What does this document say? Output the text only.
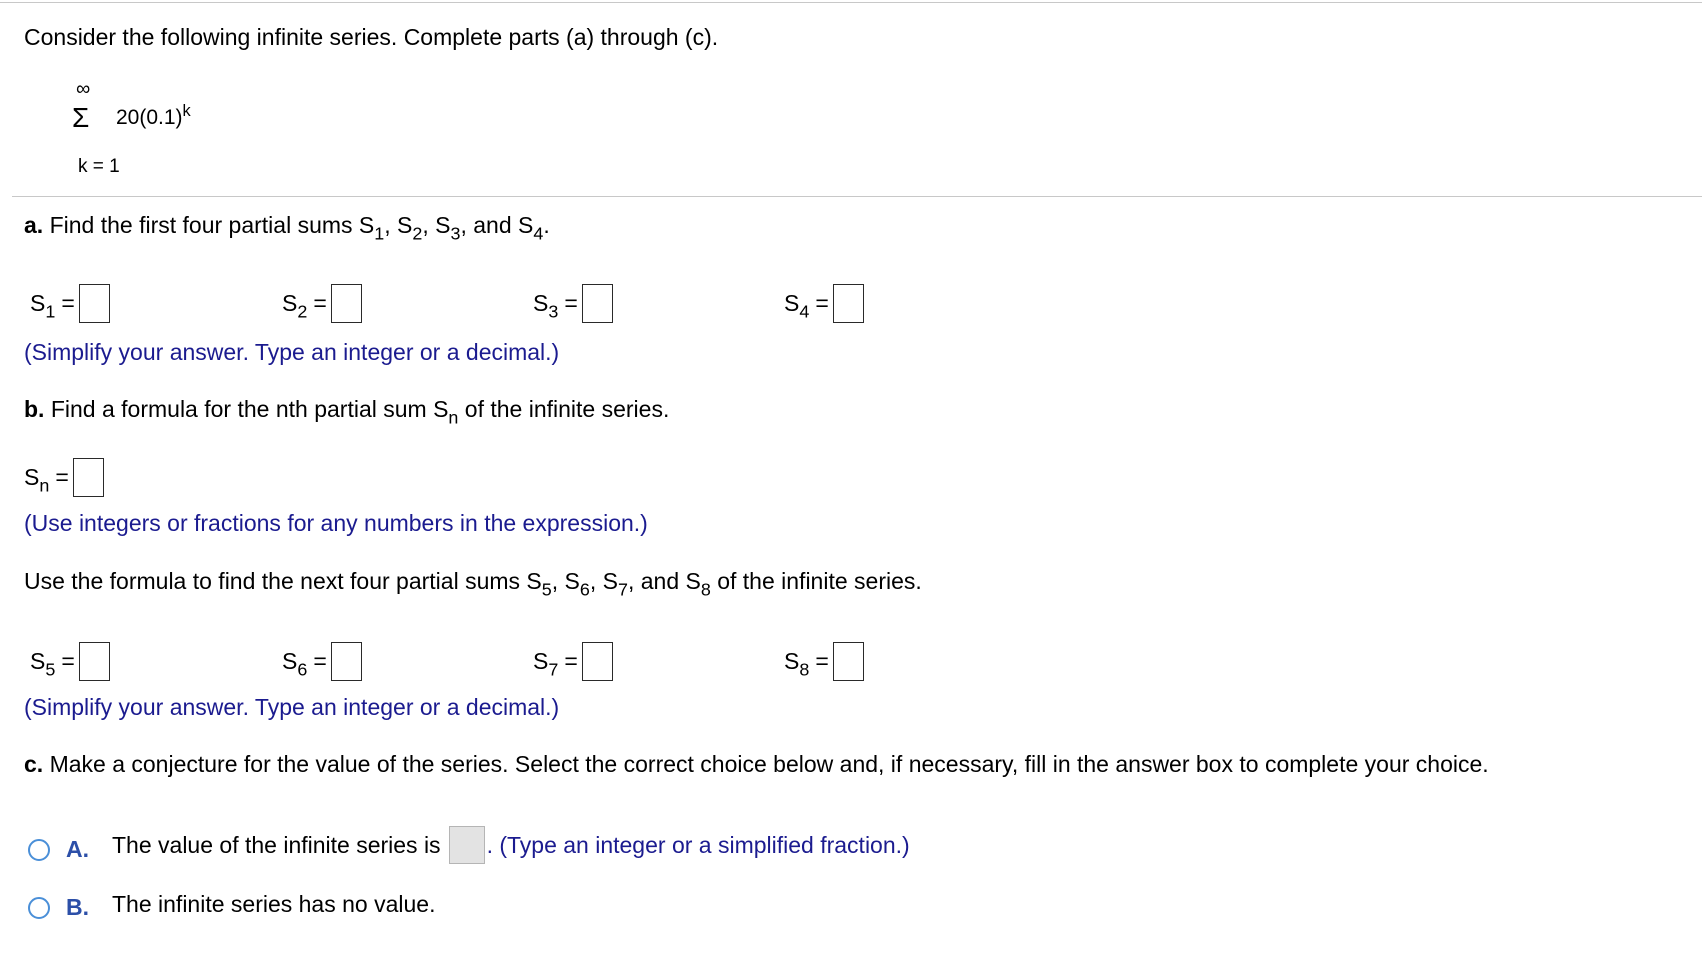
Consider the following infinite series. Complete parts (a) through (c).
∞
Σ $20(0.1)^k$
k = 1
a. Find the first four partial sums $S_1$, $S_2$, $S_3$, and $S_4$.
$S_1$ =	$S_2$ =	$S_3$ =	$S_4$ =
(Simplify your answer. Type an integer or a decimal.)
b. Find a formula for the nth partial sum $S_n$ of the infinite series.
$S_n$ =
(Use integers or fractions for any numbers in the expression.)
Use the formula to find the next four partial sums $S_5$, $S_6$, $S_7$, and $S_8$ of the infinite series.
$S_5$ =	$S_6$ =	$S_7$ =	$S_8$ =
(Simplify your answer. Type an integer or a decimal.)
c. Make a conjecture for the value of the series. Select the correct choice below and, if necessary, fill in the answer box to complete your choice.
A. The value of the infinite series is . (Type an integer or a simplified fraction.)
B. The infinite series has no value.
